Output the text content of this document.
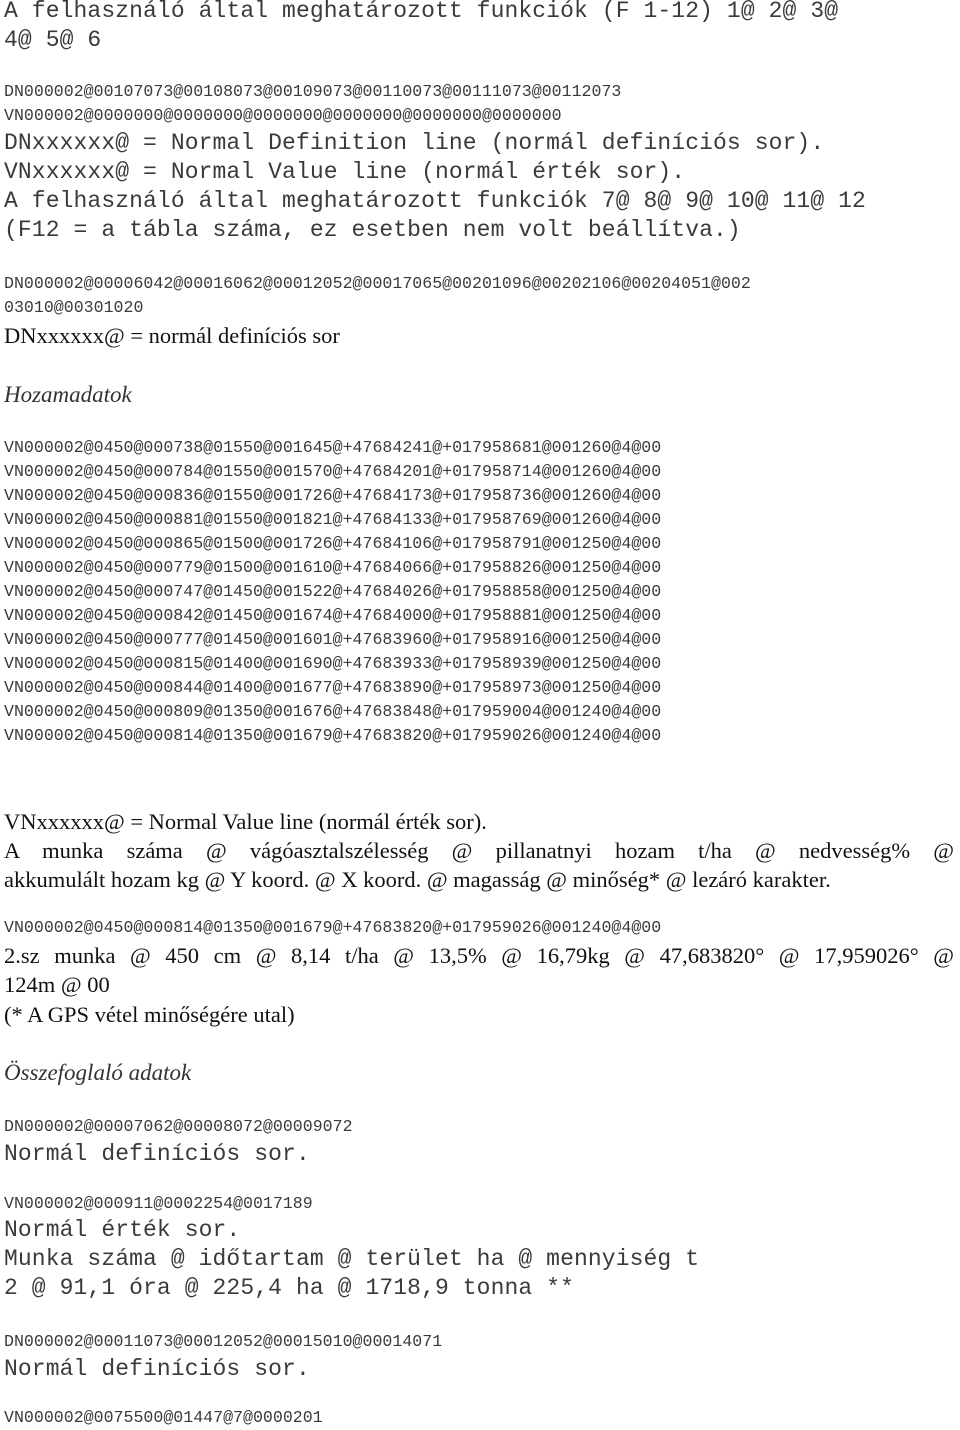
A felhasználó által meghatározott funkciók (F 1-12) 1@ 2@ 3@

4@ 5@ 6

DN000002@00107073@00108073@00109073@00110073@00111073@00112073

VN000002@0000000@0000000@0000000@0000000@0000000@0000000

DNxxxxxx@ = Normal Definition line (normál definíciós sor).

VNxxxxxx@ = Normal Value line (normál érték sor).

A felhasználó által meghatározott funkciók 7@ 8@ 9@ 10@ 11@ 12

(F12 = a tábla száma, ez esetben nem volt beállítva.)

DN000002@00006042@00016062@00012052@00017065@00201096@00202106@00204051@002

03010@00301020

DNxxxxxx@ = normál definíciós sor

Hozamadatok

VN000002@0450@000738@01550@001645@+47684241@+017958681@001260@4@00

VN000002@0450@000784@01550@001570@+47684201@+017958714@001260@4@00

VN000002@0450@000836@01550@001726@+47684173@+017958736@001260@4@00

VN000002@0450@000881@01550@001821@+47684133@+017958769@001260@4@00

VN000002@0450@000865@01500@001726@+47684106@+017958791@001250@4@00

VN000002@0450@000779@01500@001610@+47684066@+017958826@001250@4@00

VN000002@0450@000747@01450@001522@+47684026@+017958858@001250@4@00

VN000002@0450@000842@01450@001674@+47684000@+017958881@001250@4@00

VN000002@0450@000777@01450@001601@+47683960@+017958916@001250@4@00

VN000002@0450@000815@01400@001690@+47683933@+017958939@001250@4@00

VN000002@0450@000844@01400@001677@+47683890@+017958973@001250@4@00

VN000002@0450@000809@01350@001676@+47683848@+017959004@001240@4@00

VN000002@0450@000814@01350@001679@+47683820@+017959026@001240@4@00

VNxxxxxx@ = Normal Value line (normál érték sor).

A munka száma @ vágóasztalszélesség @ pillanatnyi hozam t/ha @ nedvesség% @

akkumulált hozam kg @ Y koord. @ X koord. @ magasság @ minőség* @ lezáró karakter.

VN000002@0450@000814@01350@001679@+47683820@+017959026@001240@4@00

2.sz munka @ 450 cm @ 8,14 t/ha @ 13,5% @ 16,79kg @ 47,683820° @ 17,959026° @

124m @ 00

(* A GPS vétel minőségére utal)

Összefoglaló adatok

DN000002@00007062@00008072@00009072

Normál definíciós sor.

VN000002@000911@0002254@0017189

Normál érték sor.

Munka száma @ időtartam @ terület ha @ mennyiség t

2 @ 91,1 óra @ 225,4 ha @ 1718,9 tonna **

DN000002@00011073@00012052@00015010@00014071

Normál definíciós sor.

VN000002@0075500@01447@7@0000201
